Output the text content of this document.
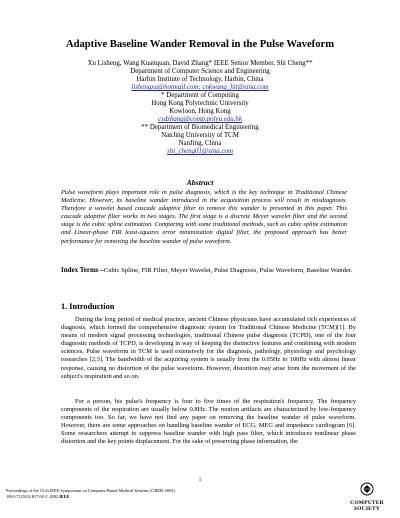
Adaptive Baseline Wander Removal in the Pulse Waveform
Xu Lisheng, Wang Kuanquan, David Zhang* IEEE Senior Member, Shi Cheng**
Department of Computer Science and Engineering
Harbin Institute of Technology, Harbin, China
lishengxu@hotmail.com; cnkwang_hit@sina.com
* Department of Computing
Hong Kong Polytechnic University
Kowloon, Hong Kong
csdzhang@comp.polyu.edu.hk
** Department of Biomedical Engineering
NanJing University of TCM
NanJing, China
shi_cheng01@sina.com
Abstract
Pulse waveform plays important role in pulse diagnosis, which is the key technique in Traditional Chinese Medicine. However, its baseline wander introduced in the acquisition process will result in misdiagnosis. Therefore a wavelet based cascade adaptive filter to remove this wander is presented in this paper. This cascade adaptive filter works in two stages. The first stage is a discrete Meyer wavelet filter and the second stage is the cubic spline estimation. Comparing with some traditional methods, such as cubic spline estimation and Linear-phase FIR least-squares error minimization digital filter, the proposed approach has better performance for removing the baseline wander of pulse waveform.
Index Terms –Cubic Spline, FIR Filter, Meyer Wavelet, Pulse Diagnosis, Pulse Waveform, Baseline Wander.
1. Introduction
During the long period of medical practice, ancient Chinese physicians have accumulated rich experiences of diagnosis, which formed the comprehensive diagnostic system for Traditional Chinese Medicine (TCM)[1]. By means of modern signal processing technologies, traditional Chinese pulse diagnosis (TCPD), one of the four diagnostic methods of TCPD, is developing in way of keeping the distinctive features and combining with modern sciences. Pulse waveform in TCM is used extensively for the diagnosis, pathology, physiology and psychology researches [2,3]. The bandwidth of the acquiring system is usually from the 0.05Hz to 100Hz with almost linear response, causing no distortion of the pulse waveform. However, distortion may arise from the movement of the subject's respiration and so on.
For a person, his pulse's frequency is four to five times of the respiration's frequency. The frequency components of the respiration are usually below 0.8Hz. The motion artifacts are characterized by low-frequency components too. So far, we have not find any paper on removing the baseline wander of pulse waveform. However, there are some approaches on handling baseline wander of ECG, MEG and impedance cardiogram [6]. Some researchers attempt to suppress baseline wander with high pass filter, which introduces nonlinear phase distortion and the key points displacement. For the sake of preserving phase information, the
1
Proceedings of the 15 th IEEE Symposium on Computer-Based Medical Systems (CBMS 2002)
1063-7125/02 $17.00 © 2002 IEEE
COMPUTER
SOCIETY
